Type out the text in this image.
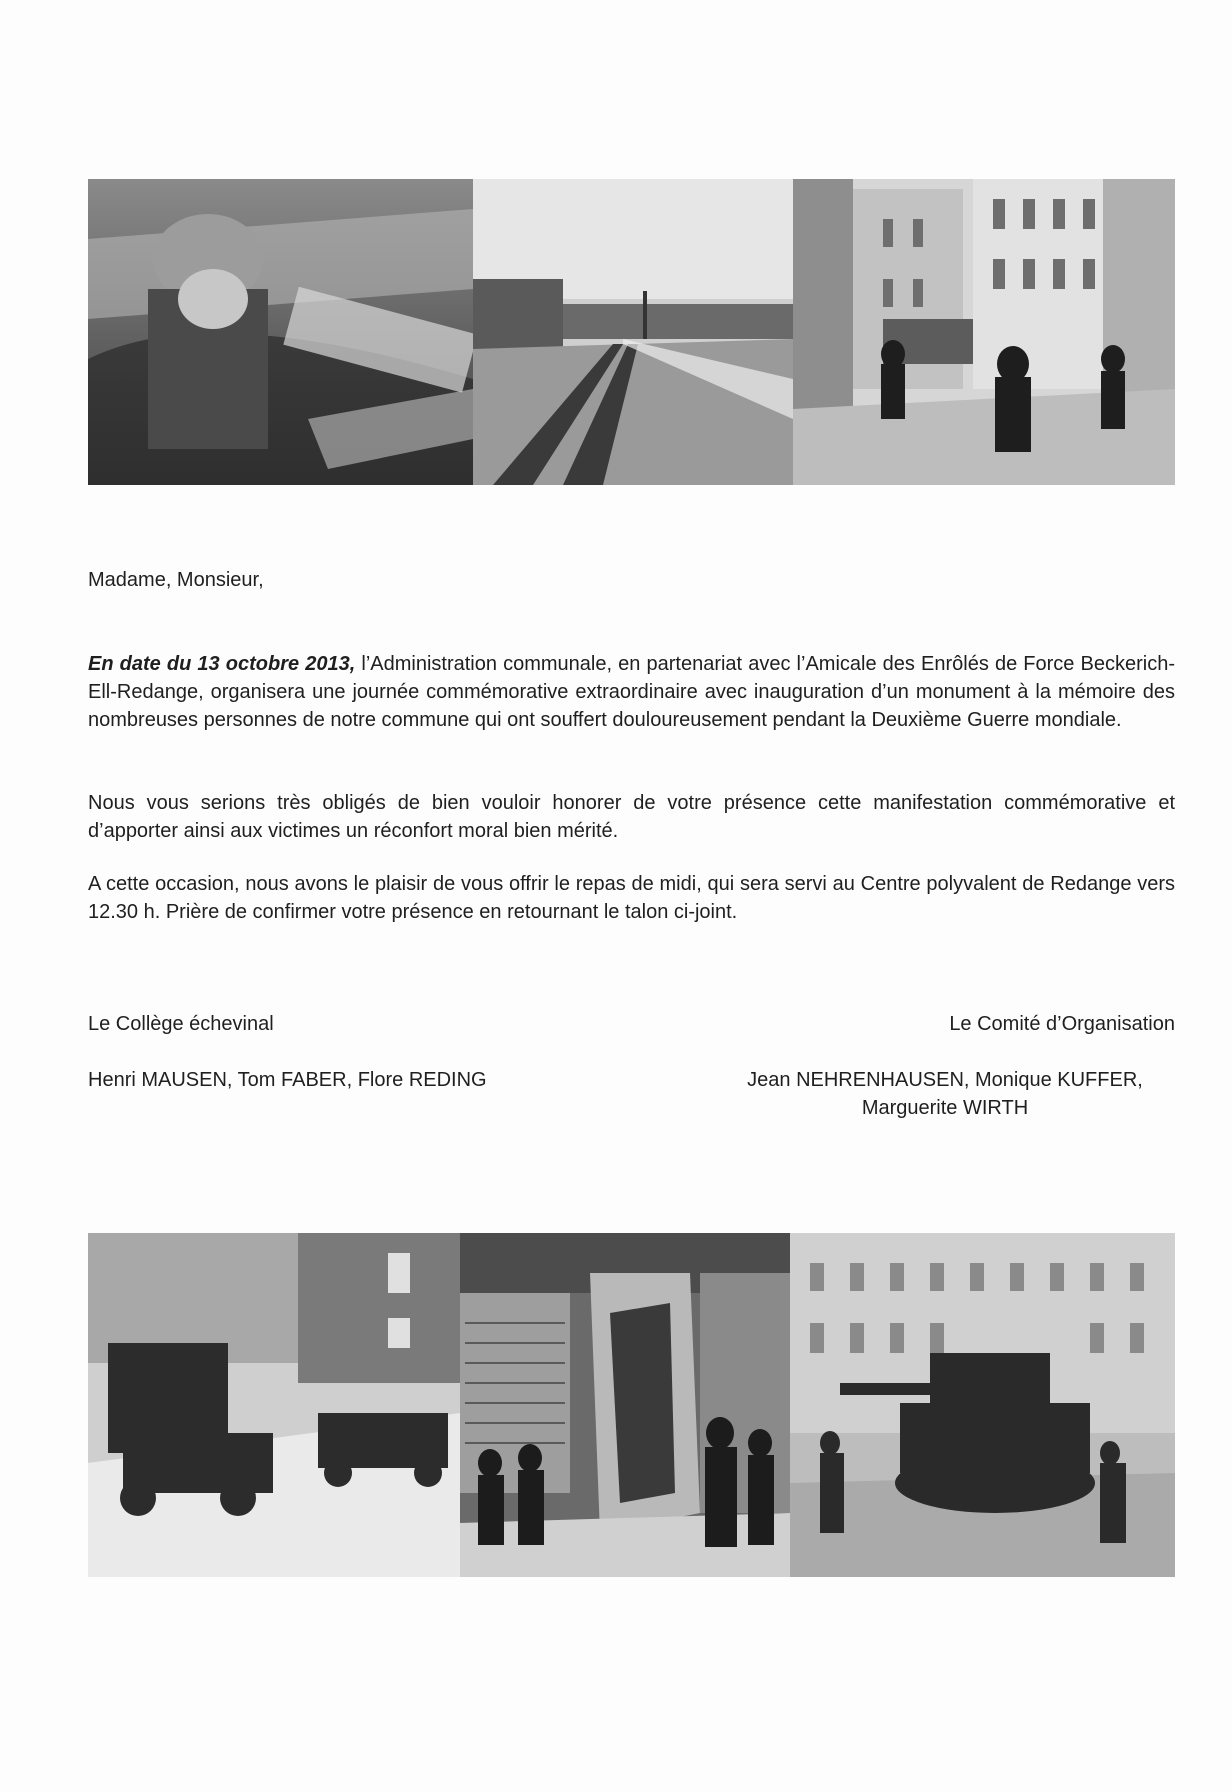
Madame, Monsieur,

En date du 13 octobre 2013, l’Administration communale, en partenariat avec l’Amicale des Enrôlés de Force Beckerich-Ell-Redange, organisera une journée commémorative extraordinaire avec inauguration d’un monument à la mémoire des nombreuses personnes de notre commune qui ont souffert douloureusement pendant la Deuxième Guerre mondiale.

Nous vous serions très obligés de bien vouloir honorer de votre présence cette manifestation commémorative et d’apporter ainsi aux victimes un réconfort moral bien mérité.

A cette occasion, nous avons le plaisir de vous offrir le repas de midi, qui sera servi au Centre polyvalent de Redange vers 12.30 h. Prière de confirmer votre présence en retournant le talon ci-joint.

Le Collège échevinal
Henri MAUSEN, Tom FABER, Flore REDING
Le Comité d’Organisation
Jean NEHRENHAUSEN, Monique KUFFER,
Marguerite WIRTH
